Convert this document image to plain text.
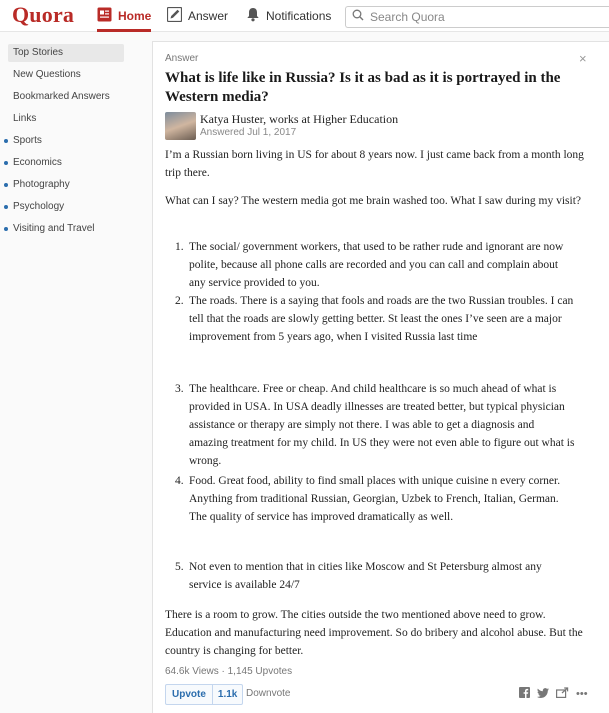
Quora	Home	Answer	Notifications
Search Quora
Top Stories
New Questions
Bookmarked Answers
Links
Sports
Economics
Photography
Psychology
Visiting and Travel
Answer	×
What is life like in Russia? Is it as bad as it is portrayed in the Western media?
Katya Huster, works at Higher Education
Answered Jul 1, 2017
I’m a Russian born living in US for about 8 years now. I just came back from a month long trip there.
What can I say? The western media got me brain washed too. What I saw during my visit?
1. The social/ government workers, that used to be rather rude and ignorant are now polite, because all phone calls are recorded and you can call and complain about any service provided to you.
2. The roads. There is a saying that fools and roads are the two Russian troubles. I can tell that the roads are slowly getting better. St least the ones I’ve seen are a major improvement from 5 years ago, when I visited Russia last time
3. The healthcare. Free or cheap. And child healthcare is so much ahead of what is provided in USA. In USA deadly illnesses are treated better, but typical physician assistance or therapy are simply not there. I was able to get a diagnosis and amazing treatment for my child. In US they were not even able to figure out what is wrong.
4. Food. Great food, ability to find small places with unique cuisine n every corner. Anything from traditional Russian, Georgian, Uzbek to French, Italian, German. The quality of service has improved dramatically as well.
5. Not even to mention that in cities like Moscow and St Petersburg almost any service is available 24/7
There is a room to grow. The cities outside the two mentioned above need to grow. Education and manufacturing need improvement. So do bribery and alcohol abuse. But the country is changing for better.
64.6k Views · 1,145 Upvotes
Upvote	1.1k Downvote	•••
